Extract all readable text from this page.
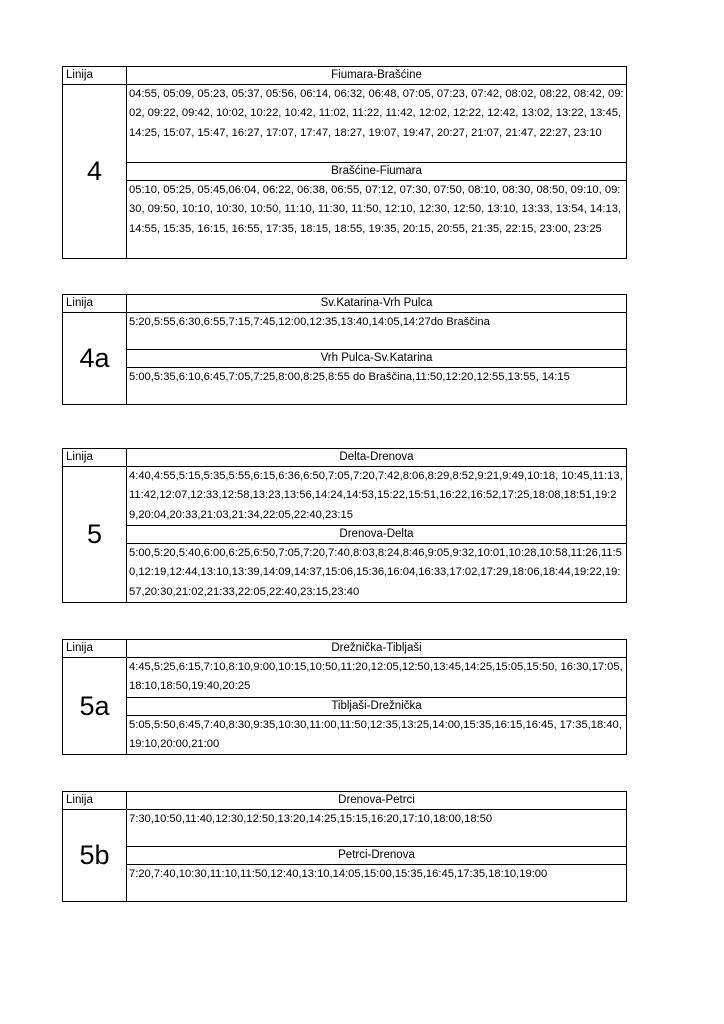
Linija	Fiumara-Brašćine
4	04:55, 05:09, 05:23, 05:37, 05:56, 06:14, 06:32, 06:48, 07:05, 07:23, 07:42, 08:02, 08:22, 08:42, 09:02, 09:22, 09:42, 10:02, 10:22, 10:42, 11:02, 11:22, 11:42, 12:02, 12:22, 12:42, 13:02, 13:22, 13:45, 14:25, 15:07, 15:47, 16:27, 17:07, 17:47, 18:27, 19:07, 19:47, 20:27, 21:07, 21:47, 22:27, 23:10
	Brašćine-Fiumara
	05:10, 05:25, 05:45,06:04, 06:22, 06:38, 06:55, 07:12, 07:30, 07:50, 08:10, 08:30, 08:50, 09:10, 09:30, 09:50, 10:10, 10:30, 10:50, 11:10, 11:30, 11:50, 12:10, 12:30, 12:50, 13:10, 13:33, 13:54, 14:13, 14:55, 15:35, 16:15, 16:55, 17:35, 18:15, 18:55, 19:35, 20:15, 20:55, 21:35, 22:15, 23:00, 23:25
Linija	Sv.Katarina-Vrh Pulca
4a	5:20,5:55,6:30,6:55,7:15,7:45,12:00,12:35,13:40,14:05,14:27do Braščina
	Vrh Pulca-Sv.Katarina
	5:00,5:35,6:10,6:45,7:05,7:25,8:00,8:25,8:55 do Braščina,11:50,12:20,12:55,13:55, 14:15
Linija	Delta-Drenova
5	4:40,4:55,5:15,5:35,5:55,6:15,6:36,6:50,7:05,7:20,7:42,8:06,8:29,8:52,9:21,9:49,10:18, 10:45,11:13,11:42,12:07,12:33,12:58,13:23,13:56,14:24,14:53,15:22,15:51,16:22,16:52,17:25,18:08,18:51,19:29,20:04,20:33,21:03,21:34,22:05,22:40,23:15
	Drenova-Delta
	5:00,5:20,5:40,6:00,6:25,6:50,7:05,7:20,7:40,8:03,8:24,8:46,9:05,9:32,10:01,10:28,10:58,11:26,11:50,12:19,12:44,13:10,13:39,14:09,14:37,15:06,15:36,16:04,16:33,17:02,17:29,18:06,18:44,19:22,19:57,20:30,21:02,21:33,22:05,22:40,23:15,23:40
Linija	Drežnička-Tibljaši
5a	4:45,5:25,6:15,7:10,8:10,9:00,10:15,10:50,11:20,12:05,12:50,13:45,14:25,15:05,15:50, 16:30,17:05,18:10,18:50,19:40,20:25
	Tibljaši-Drežnička
	5:05,5:50,6:45,7:40,8:30,9:35,10:30,11:00,11:50,12:35,13:25,14:00,15:35,16:15,16:45, 17:35,18:40,19:10,20:00,21:00
Linija	Drenova-Petrci
5b	7:30,10:50,11:40,12:30,12:50,13:20,14:25,15:15,16:20,17:10,18:00,18:50
	Petrci-Drenova
	7:20,7:40,10:30,11:10,11:50,12:40,13:10,14:05,15:00,15:35,16:45,17:35,18:10,19:00
